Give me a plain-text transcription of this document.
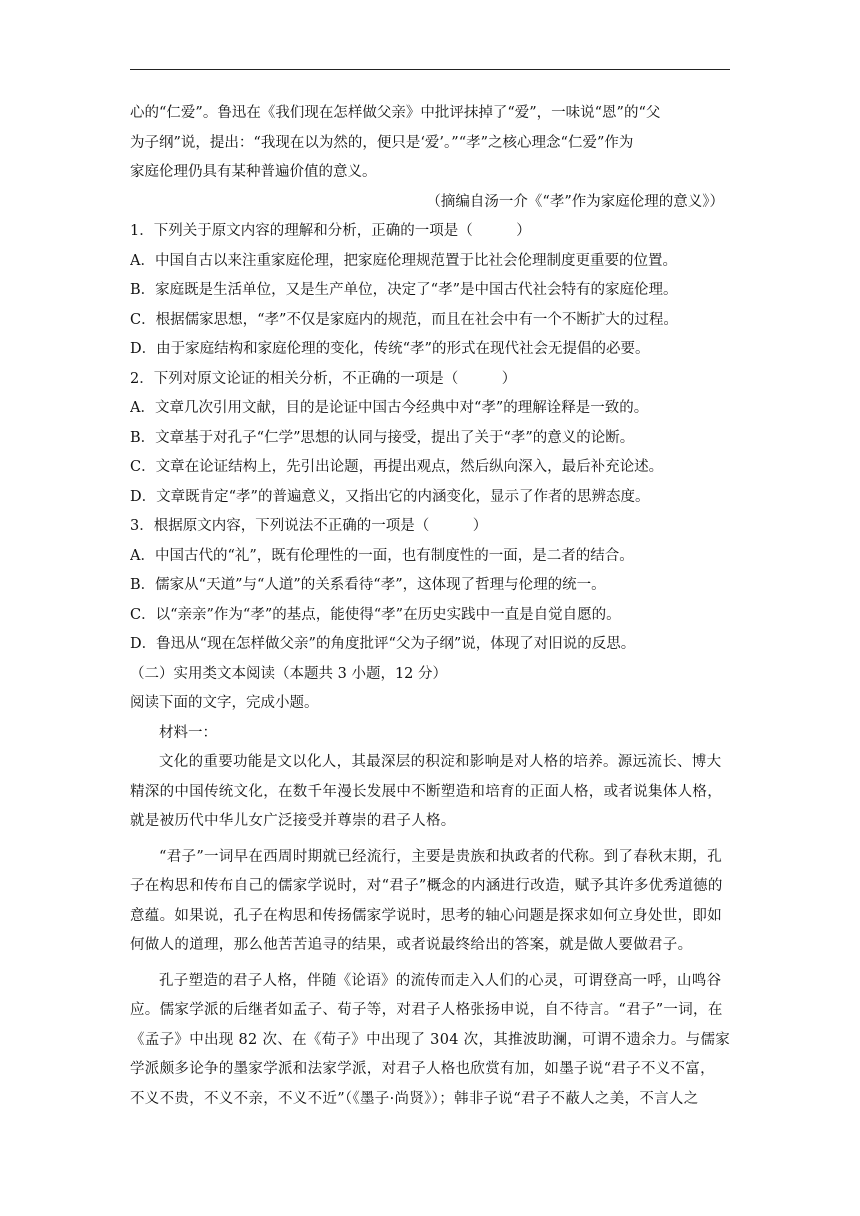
心的“仁爱”。鲁迅在《我们现在怎样做父亲》中批评抹掉了“爱”，一味说“恩”的“父
为子纲”说，提出：“我现在以为然的，便只是‘爱’。”“孝”之核心理念“仁爱”作为
家庭伦理仍具有某种普遍价值的意义。
（摘编自汤一介《“孝”作为家庭伦理的意义》）
1．下列关于原文内容的理解和分析，正确的一项是（　　　）
A．中国自古以来注重家庭伦理，把家庭伦理规范置于比社会伦理制度更重要的位置。
B．家庭既是生活单位，又是生产单位，决定了“孝”是中国古代社会特有的家庭伦理。
C．根据儒家思想，“孝”不仅是家庭内的规范，而且在社会中有一个不断扩大的过程。
D．由于家庭结构和家庭伦理的变化，传统“孝”的形式在现代社会无提倡的必要。
2．下列对原文论证的相关分析，不正确的一项是（　　　）
A．文章几次引用文献，目的是论证中国古今经典中对“孝”的理解诠释是一致的。
B．文章基于对孔子“仁学”思想的认同与接受，提出了关于“孝”的意义的论断。
C．文章在论证结构上，先引出论题，再提出观点，然后纵向深入，最后补充论述。
D．文章既肯定“孝”的普遍意义，又指出它的内涵变化，显示了作者的思辨态度。
3．根据原文内容，下列说法不正确的一项是（　　　）
A．中国古代的“礼”，既有伦理性的一面，也有制度性的一面，是二者的结合。
B．儒家从“天道”与“人道”的关系看待“孝”，这体现了哲理与伦理的统一。
C．以“亲亲”作为“孝”的基点，能使得“孝”在历史实践中一直是自觉自愿的。
D．鲁迅从“现在怎样做父亲”的角度批评“父为子纲”说，体现了对旧说的反思。
（二）实用类文本阅读（本题共 3 小题，12 分）
阅读下面的文字，完成小题。
材料一：
文化的重要功能是文以化人，其最深层的积淀和影响是对人格的培养。源远流长、博大
精深的中国传统文化，在数千年漫长发展中不断塑造和培育的正面人格，或者说集体人格，
就是被历代中华儿女广泛接受并尊崇的君子人格。
“君子”一词早在西周时期就已经流行，主要是贵族和执政者的代称。到了春秋末期，孔
子在构思和传布自己的儒家学说时，对“君子”概念的内涵进行改造，赋予其许多优秀道德的
意蕴。如果说，孔子在构思和传扬儒家学说时，思考的轴心问题是探求如何立身处世，即如
何做人的道理，那么他苦苦追寻的结果，或者说最终给出的答案，就是做人要做君子。
孔子塑造的君子人格，伴随《论语》的流传而走入人们的心灵，可谓登高一呼，山鸣谷
应。儒家学派的后继者如孟子、荀子等，对君子人格张扬申说，自不待言。“君子”一词，在
《孟子》中出现 82 次、在《荀子》中出现了 304 次，其推波助澜，可谓不遗余力。与儒家
学派颇多论争的墨家学派和法家学派，对君子人格也欣赏有加，如墨子说“君子不义不富，
不义不贵，不义不亲，不义不近”（《墨子·尚贤》）；韩非子说“君子不蔽人之美，不言人之
